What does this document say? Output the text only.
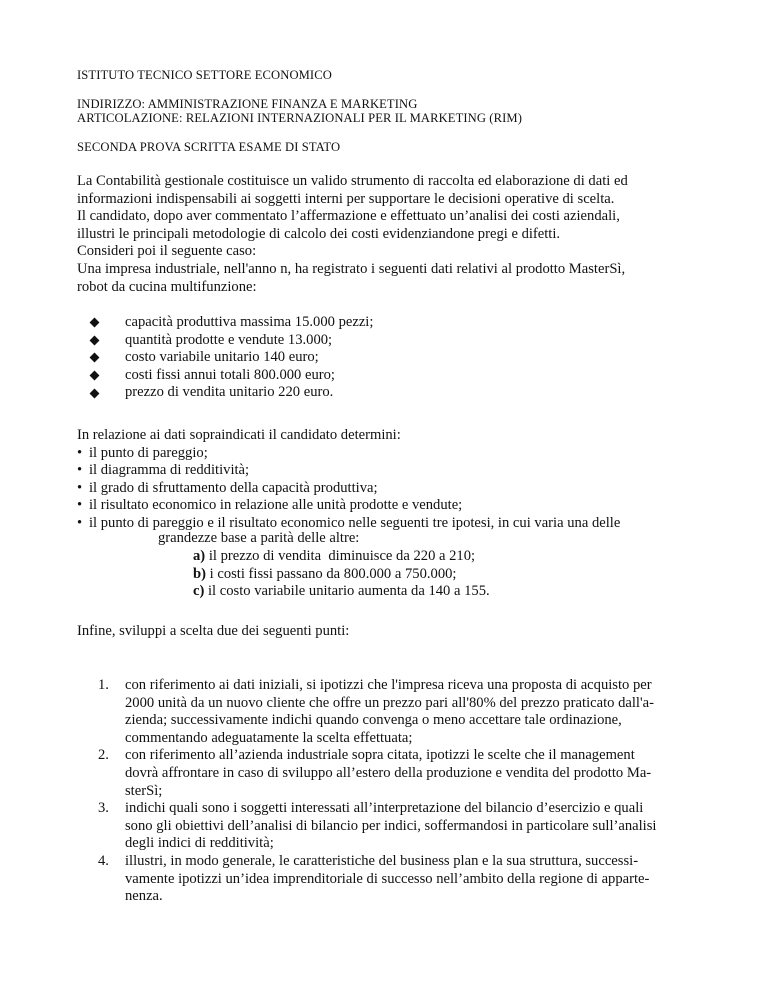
ISTITUTO TECNICO SETTORE ECONOMICO
INDIRIZZO: AMMINISTRAZIONE FINANZA E MARKETING
ARTICOLAZIONE: RELAZIONI INTERNAZIONALI PER IL MARKETING (RIM)
SECONDA PROVA SCRITTA ESAME DI STATO
La Contabilità gestionale costituisce un valido strumento di raccolta ed elaborazione di dati ed
informazioni indispensabili ai soggetti interni per supportare le decisioni operative di scelta.
Il candidato, dopo aver commentato l’affermazione e effettuato un’analisi dei costi aziendali,
illustri le principali metodologie di calcolo dei costi evidenziandone pregi e difetti.
Consideri poi il seguente caso:
Una impresa industriale, nell'anno n, ha registrato i seguenti dati relativi al prodotto MasterSì,
robot da cucina multifunzione:
capacità produttiva massima 15.000 pezzi;
quantità prodotte e vendute 13.000;
costo variabile unitario 140 euro;
costi fissi annui totali 800.000 euro;
prezzo di vendita unitario 220 euro.
In relazione ai dati sopraindicati il candidato determini:
• il punto di pareggio;
• il diagramma di redditività;
• il grado di sfruttamento della capacità produttiva;
• il risultato economico in relazione alle unità prodotte e vendute;
• il punto di pareggio e il risultato economico nelle seguenti tre ipotesi, in cui varia una delle
grandezze base a parità delle altre:
a) il prezzo di vendita  diminuisce da 220 a 210;
b) i costi fissi passano da 800.000 a 750.000;
c) il costo variabile unitario aumenta da 140 a 155.
Infine, sviluppi a scelta due dei seguenti punti:
1.	con riferimento ai dati iniziali, si ipotizzi che l'impresa riceva una proposta di acquisto per
2000 unità da un nuovo cliente che offre un prezzo pari all'80% del prezzo praticato dall'a-
zienda; successivamente indichi quando convenga o meno accettare tale ordinazione,
commentando adeguatamente la scelta effettuata;
2.	con riferimento all’azienda industriale sopra citata, ipotizzi le scelte che il management
dovrà affrontare in caso di sviluppo all’estero della produzione e vendita del prodotto Ma-
sterSì;
3.	indichi quali sono i soggetti interessati all’interpretazione del bilancio d’esercizio e quali
sono gli obiettivi dell’analisi di bilancio per indici, soffermandosi in particolare sull’analisi
degli indici di redditività;
4.	illustri, in modo generale, le caratteristiche del business plan e la sua struttura, successi-
vamente ipotizzi un’idea imprenditoriale di successo nell’ambito della regione di apparte-
nenza.
